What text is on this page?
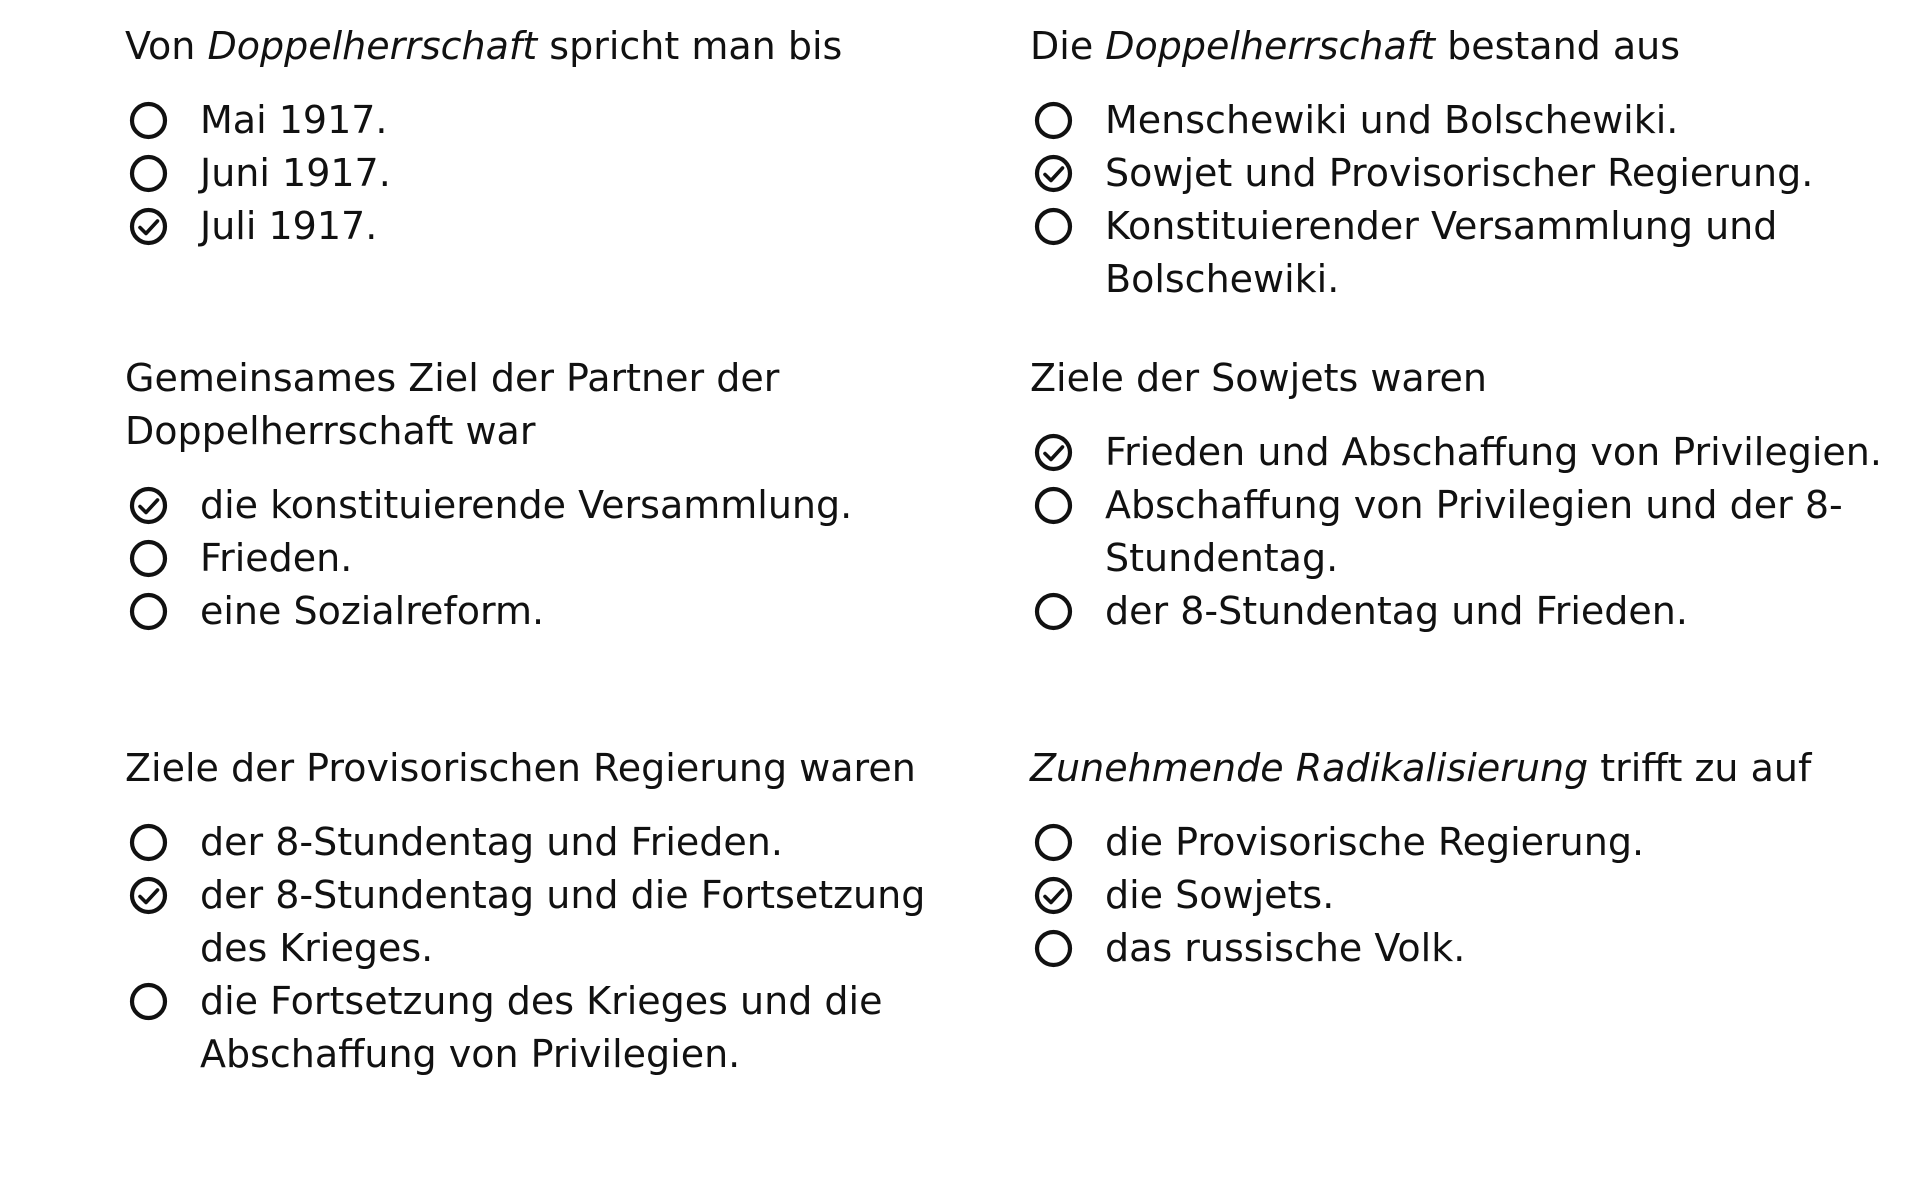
Von Doppelherrschaft spricht man bis

Mai 1917.
Juni 1917.
Juli 1917.

Die Doppelherrschaft bestand aus

Menschewiki und Bolschewiki.
Sowjet und Provisorischer Regierung.
Konstituierender Versammlung und Bolschewiki.

Gemeinsames Ziel der Partner der Doppelherrschaft war

die konstituierende Versammlung.
Frieden.
eine Sozialreform.

Ziele der Sowjets waren

Frieden und Abschaffung von Privilegien.
Abschaffung von Privilegien und der 8-Stundentag.
der 8-Stundentag und Frieden.

Ziele der Provisorischen Regierung waren

der 8-Stundentag und Frieden.
der 8-Stundentag und die Fortsetzung des Krieges.
die Fortsetzung des Krieges und die Abschaffung von Privilegien.

Zunehmende Radikalisierung trifft zu auf

die Provisorische Regierung.
die Sowjets.
das russische Volk.
